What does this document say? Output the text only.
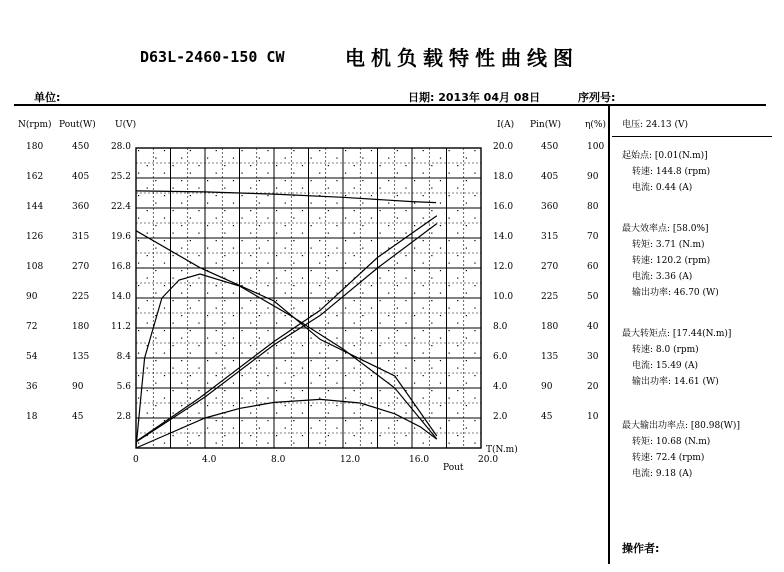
D63L-2460-150 CW	电机负载特性曲线图
单位:	日期: 2013年 04月 08日	序列号:
N(rpm) Pout(W) U(V)	I(A) Pin(W)	η(%)
180	450	28.0	20.0	450	100
162	405	25.2	18.0	405	90
144	360	22.4	16.0	360	80
126	315	19.6	14.0	315	70
108	270	16.8	12.0	270	60
90	225	14.0	10.0	225	50
72	180	11.2	8.0	180	40
54	135	8.4	6.0	135	30
36	90	5.6	4.0	90	20
18	45	2.8	2.0	45	10
0	4.0	8.0	12.0	16.0	20.0
T(N.m)
Pout
电压: 24.13 (V)
起始点: [0.01(N.m)]
转速: 144.8 (rpm)
电流: 0.44 (A)
最大效率点: [58.0%]
转矩: 3.71 (N.m)
转速: 120.2 (rpm)
电流: 3.36 (A)
输出功率: 46.70 (W)
最大转矩点: [17.44(N.m)]
转速: 8.0 (rpm)
电流: 15.49 (A)
输出功率: 14.61 (W)
最大输出功率点: [80.98(W)]
转矩: 10.68 (N.m)
转速: 72.4 (rpm)
电流: 9.18 (A)
操作者:
